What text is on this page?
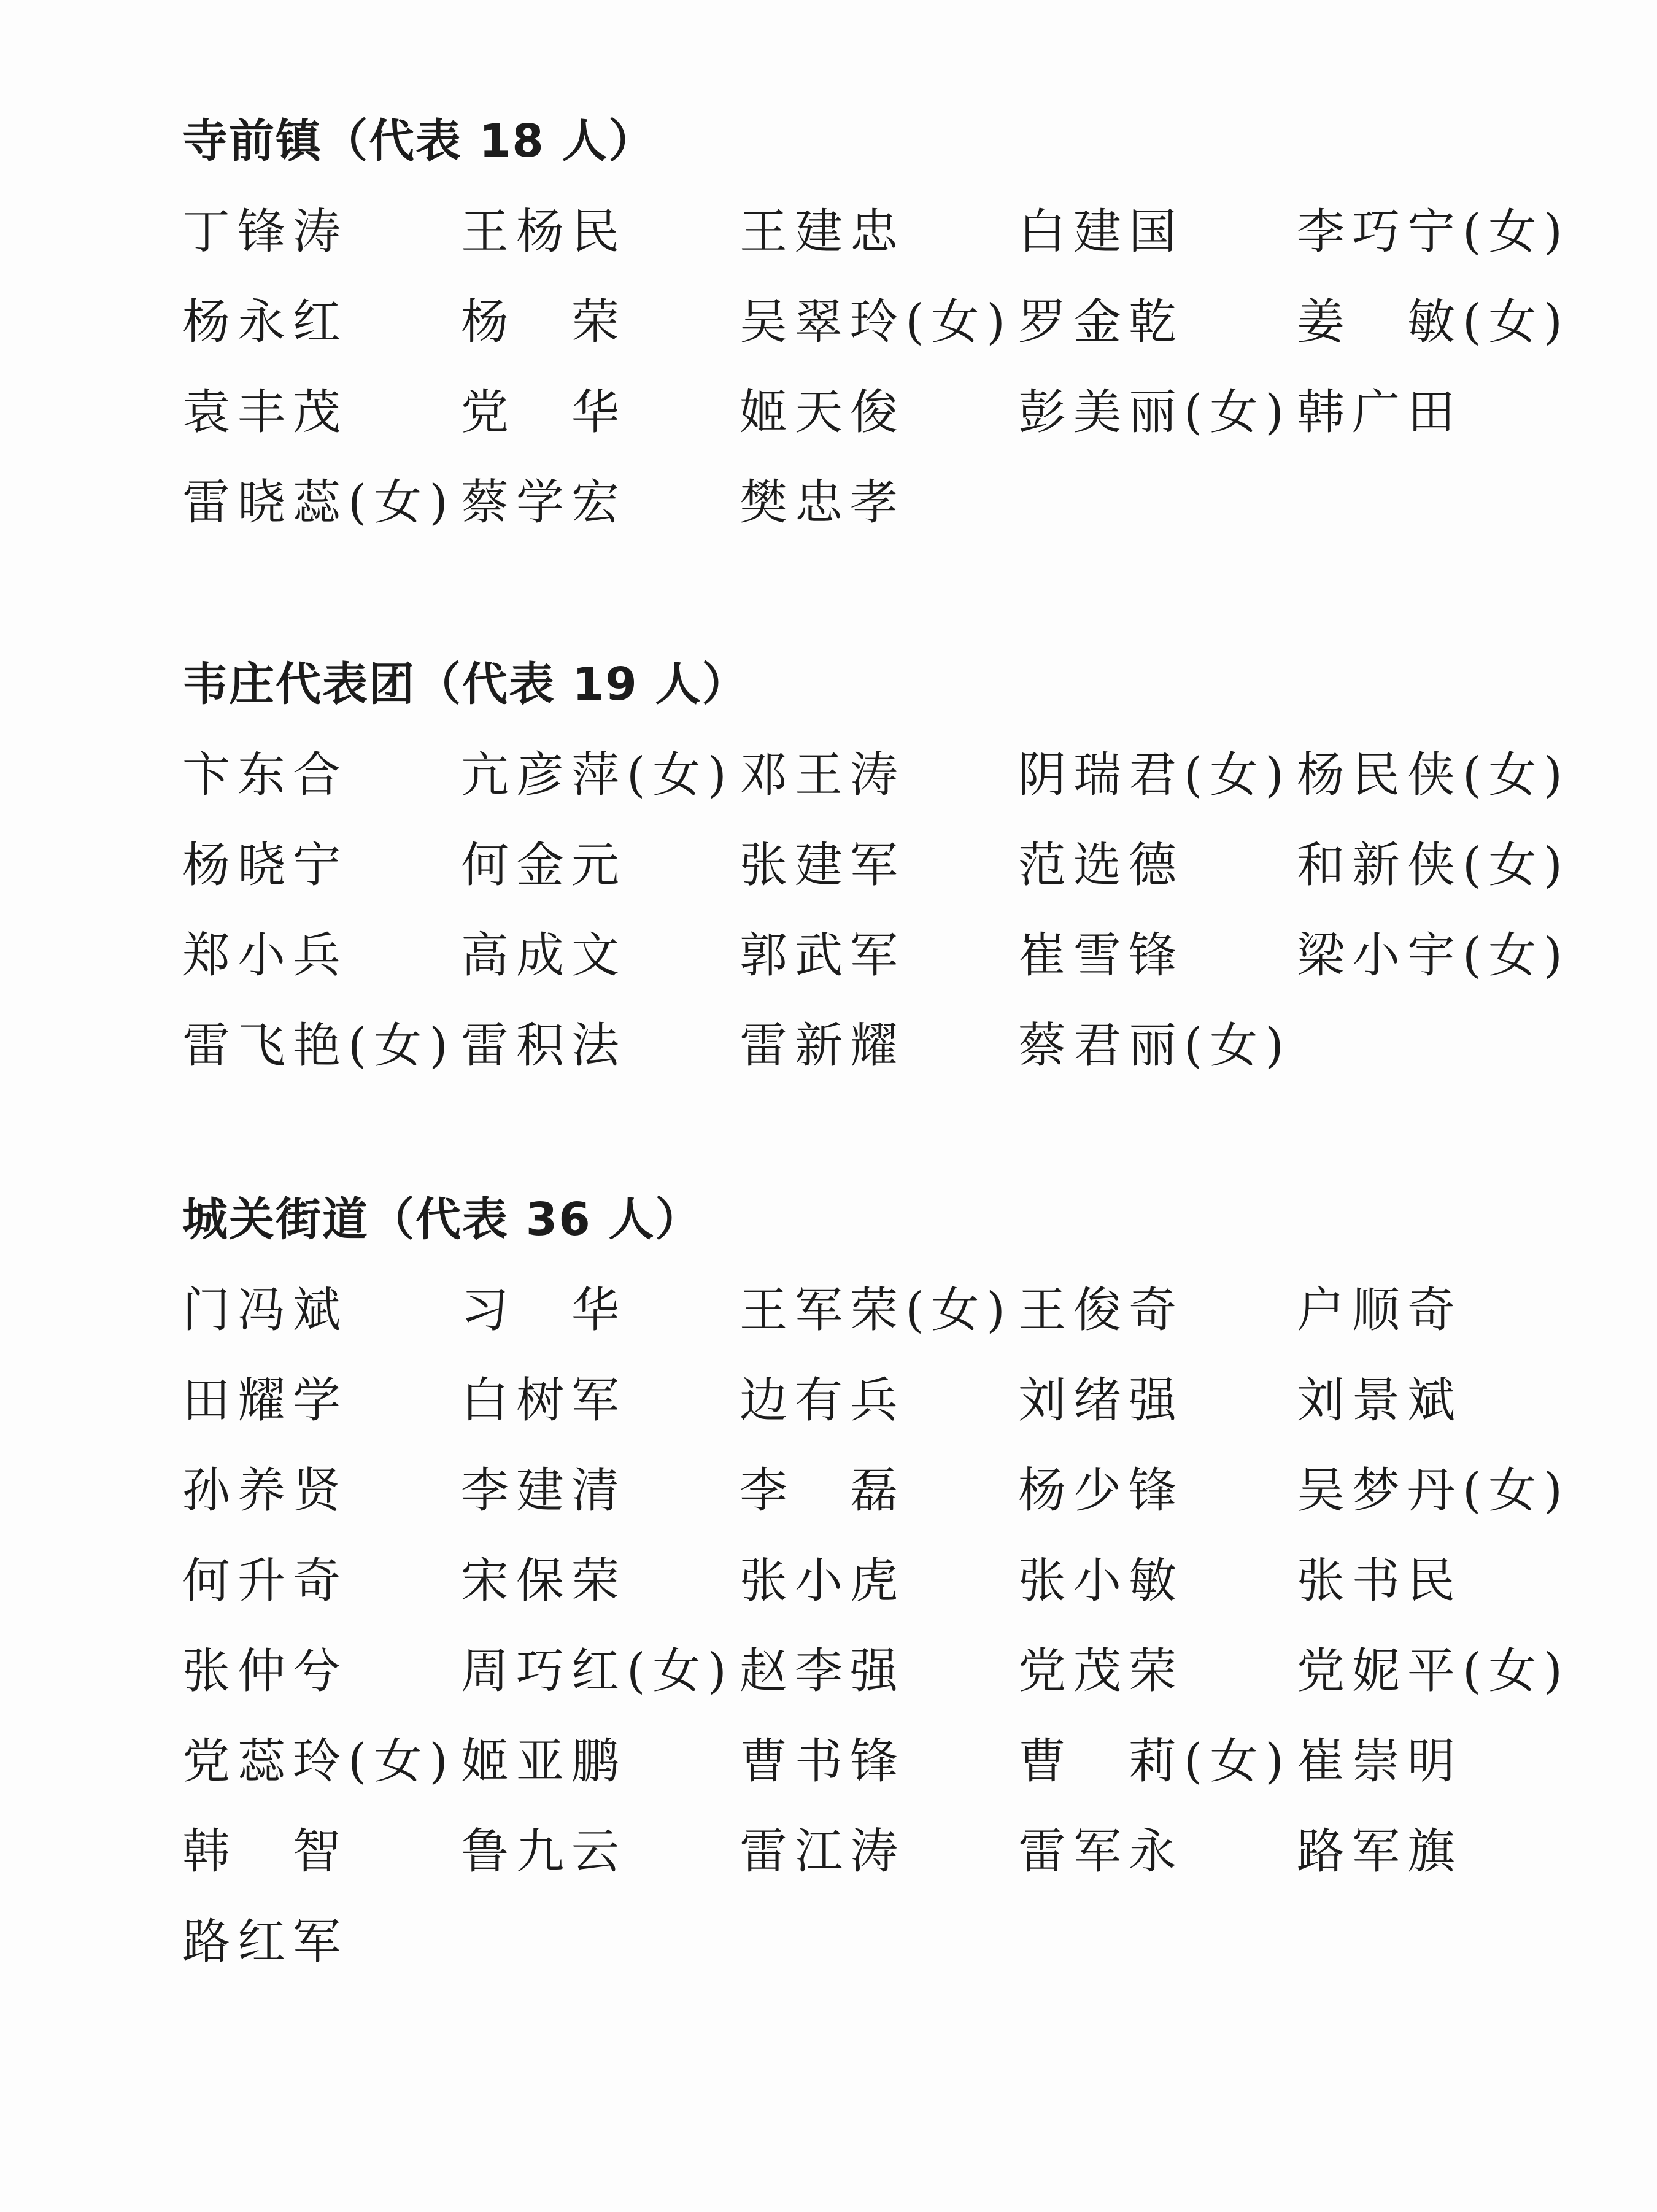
寺前镇（代表 18 人）
丁锋涛	王杨民	王建忠	白建国	李巧宁(女)
杨永红	杨　荣	吴翠玲(女) 罗金乾	姜　敏(女)
袁丰茂	党　华	姬天俊	彭美丽(女) 韩广田
雷晓蕊(女) 蔡学宏	樊忠孝
韦庄代表团（代表 19 人）
卞东合	亢彦萍(女) 邓王涛	阴瑞君(女) 杨民侠(女)
杨晓宁	何金元	张建军	范选德	和新侠(女)
郑小兵	高成文	郭武军	崔雪锋	梁小宇(女)
雷飞艳(女) 雷积法	雷新耀	蔡君丽(女)
城关街道（代表 36 人）
门冯斌	习　华	王军荣(女) 王俊奇	户顺奇
田耀学	白树军	边有兵	刘绪强	刘景斌
孙养贤	李建清	李　磊	杨少锋	吴梦丹(女)
何升奇	宋保荣	张小虎	张小敏	张书民
张仲兮	周巧红(女) 赵李强	党茂荣	党妮平(女)
党蕊玲(女) 姬亚鹏	曹书锋	曹　莉(女) 崔崇明
韩　智	鲁九云	雷江涛	雷军永	路军旗
路红军
